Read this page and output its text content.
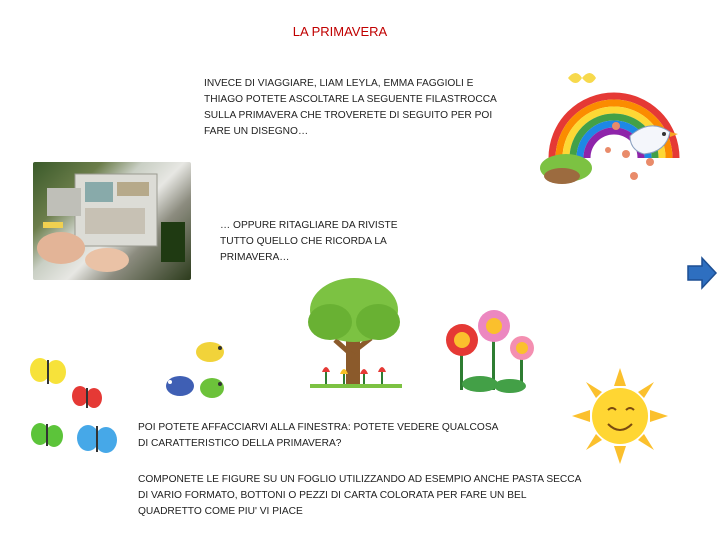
LA PRIMAVERA
INVECE DI VIAGGIARE, LIAM LEYLA, EMMA FAGGIOLI E
THIAGO POTETE ASCOLTARE LA SEGUENTE FILASTROCCA
SULLA PRIMAVERA CHE TROVERETE DI SEGUITO PER POI
FARE UN DISEGNO…
… OPPURE RITAGLIARE DA RIVISTE
TUTTO QUELLO CHE RICORDA LA
PRIMAVERA…
POI POTETE AFFACCIARVI ALLA FINESTRA: POTETE VEDERE QUALCOSA
DI CARATTERISTICO DELLA PRIMAVERA?
COMPONETE LE FIGURE SU UN FOGLIO UTILIZZANDO AD ESEMPIO ANCHE PASTA SECCA
DI VARIO FORMATO, BOTTONI O PEZZI DI CARTA COLORATA PER FARE UN BEL
QUADRETTO COME PIU' VI PIACE
